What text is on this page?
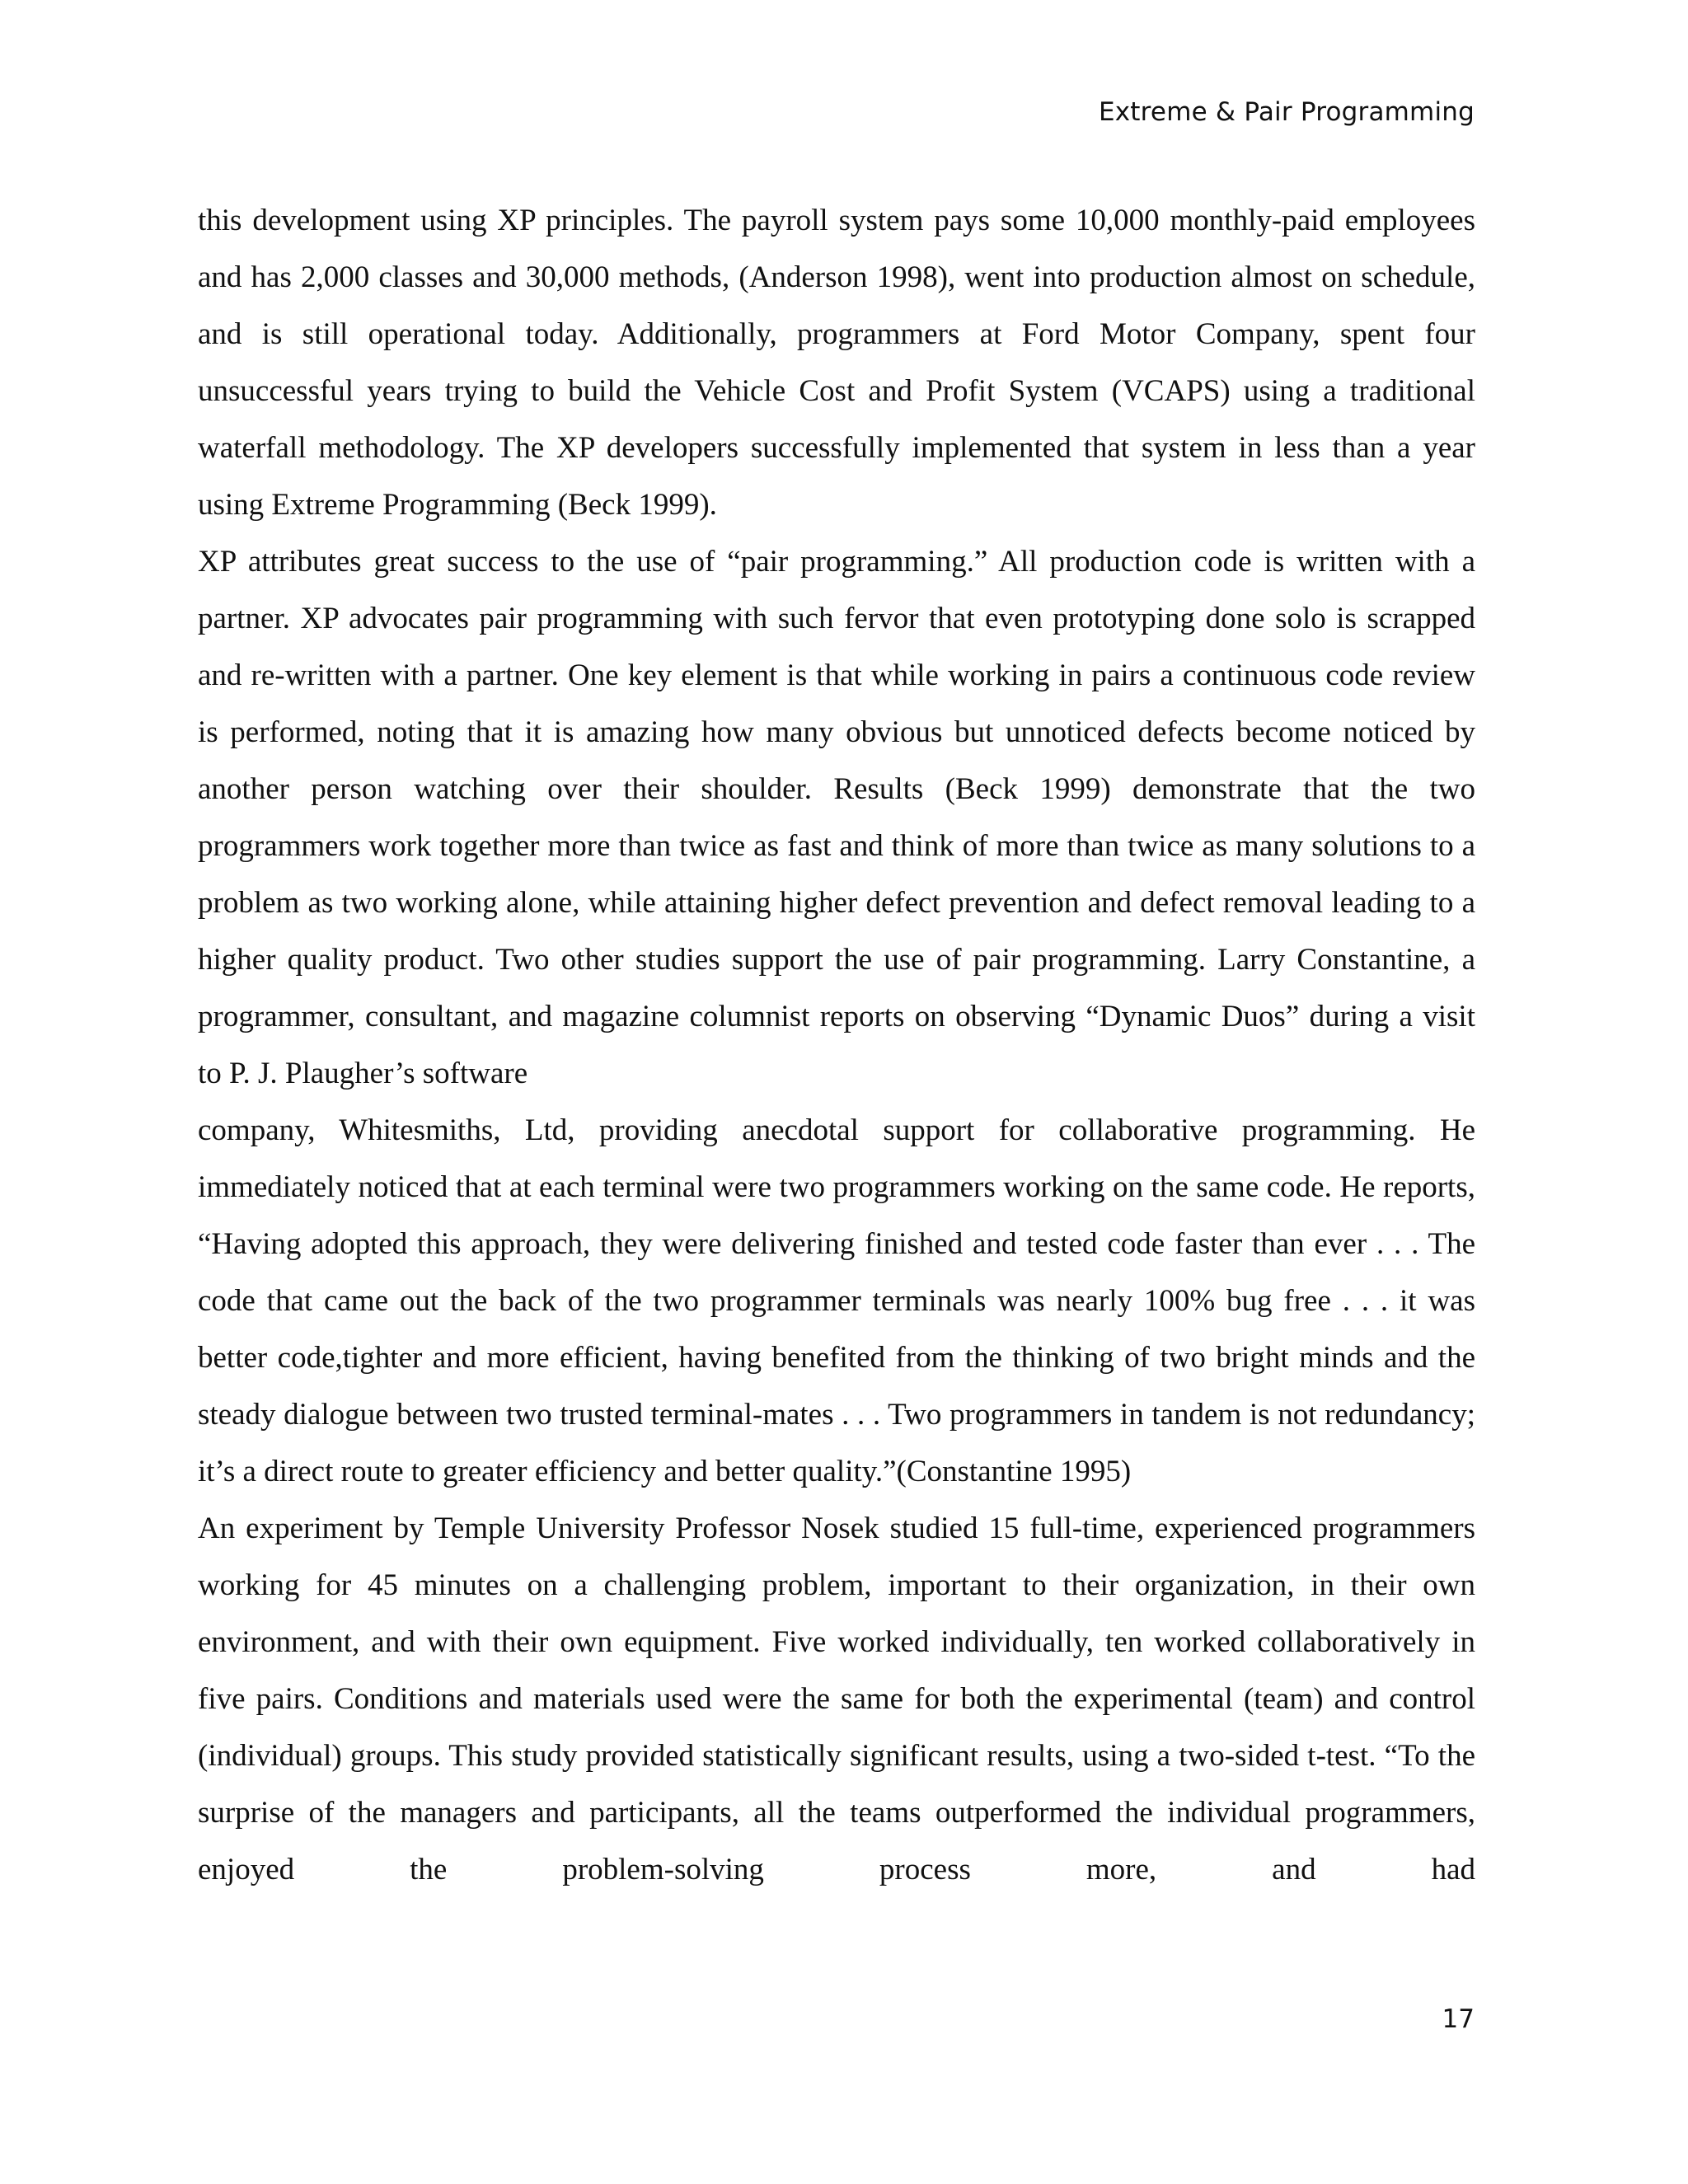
Extreme & Pair Programming

this development using XP principles. The payroll system pays some 10,000 monthly-paid employees and has 2,000 classes and 30,000 methods, (Anderson 1998), went into production almost on schedule, and is still operational today. Additionally, programmers at Ford Motor Company, spent four unsuccessful years trying to build the Vehicle Cost and Profit System (VCAPS) using a traditional waterfall methodology. The XP developers successfully implemented that system in less than a year using Extreme Programming (Beck 1999).

XP attributes great success to the use of “pair programming.” All production code is written with a partner. XP advocates pair programming with such fervor that even prototyping done solo is scrapped and re-written with a partner. One key element is that while working in pairs a continuous code review is performed, noting that it is amazing how many obvious but unnoticed defects become noticed by another person watching over their shoulder. Results (Beck 1999) demonstrate that the two programmers work together more than twice as fast and think of more than twice as many solutions to a problem as two working alone, while attaining higher defect prevention and defect removal leading to a higher quality product. Two other studies support the use of pair programming. Larry Constantine, a programmer, consultant, and magazine columnist reports on observing “Dynamic Duos” during a visit to P. J. Plaugher’s software

company, Whitesmiths, Ltd, providing anecdotal support for collaborative programming. He immediately noticed that at each terminal were two programmers working on the same code. He reports, “Having adopted this approach, they were delivering finished and tested code faster than ever . . . The code that came out the back of the two programmer terminals was nearly 100% bug free . . . it was better code,tighter and more efficient, having benefited from the thinking of two bright minds and the steady dialogue between two trusted terminal-mates . . . Two programmers in tandem is not redundancy; it’s a direct route to greater efficiency and better quality.”(Constantine 1995)

An experiment by Temple University Professor Nosek studied 15 full-time, experienced programmers working for 45 minutes on a challenging problem, important to their organization, in their own environment, and with their own equipment. Five worked individually, ten worked collaboratively in five pairs. Conditions and materials used were the same for both the experimental (team) and control (individual) groups. This study provided statistically significant results, using a two-sided t-test. “To the surprise of the managers and participants, all the teams outperformed the individual programmers, enjoyed the problem-solving process more, and had

17
